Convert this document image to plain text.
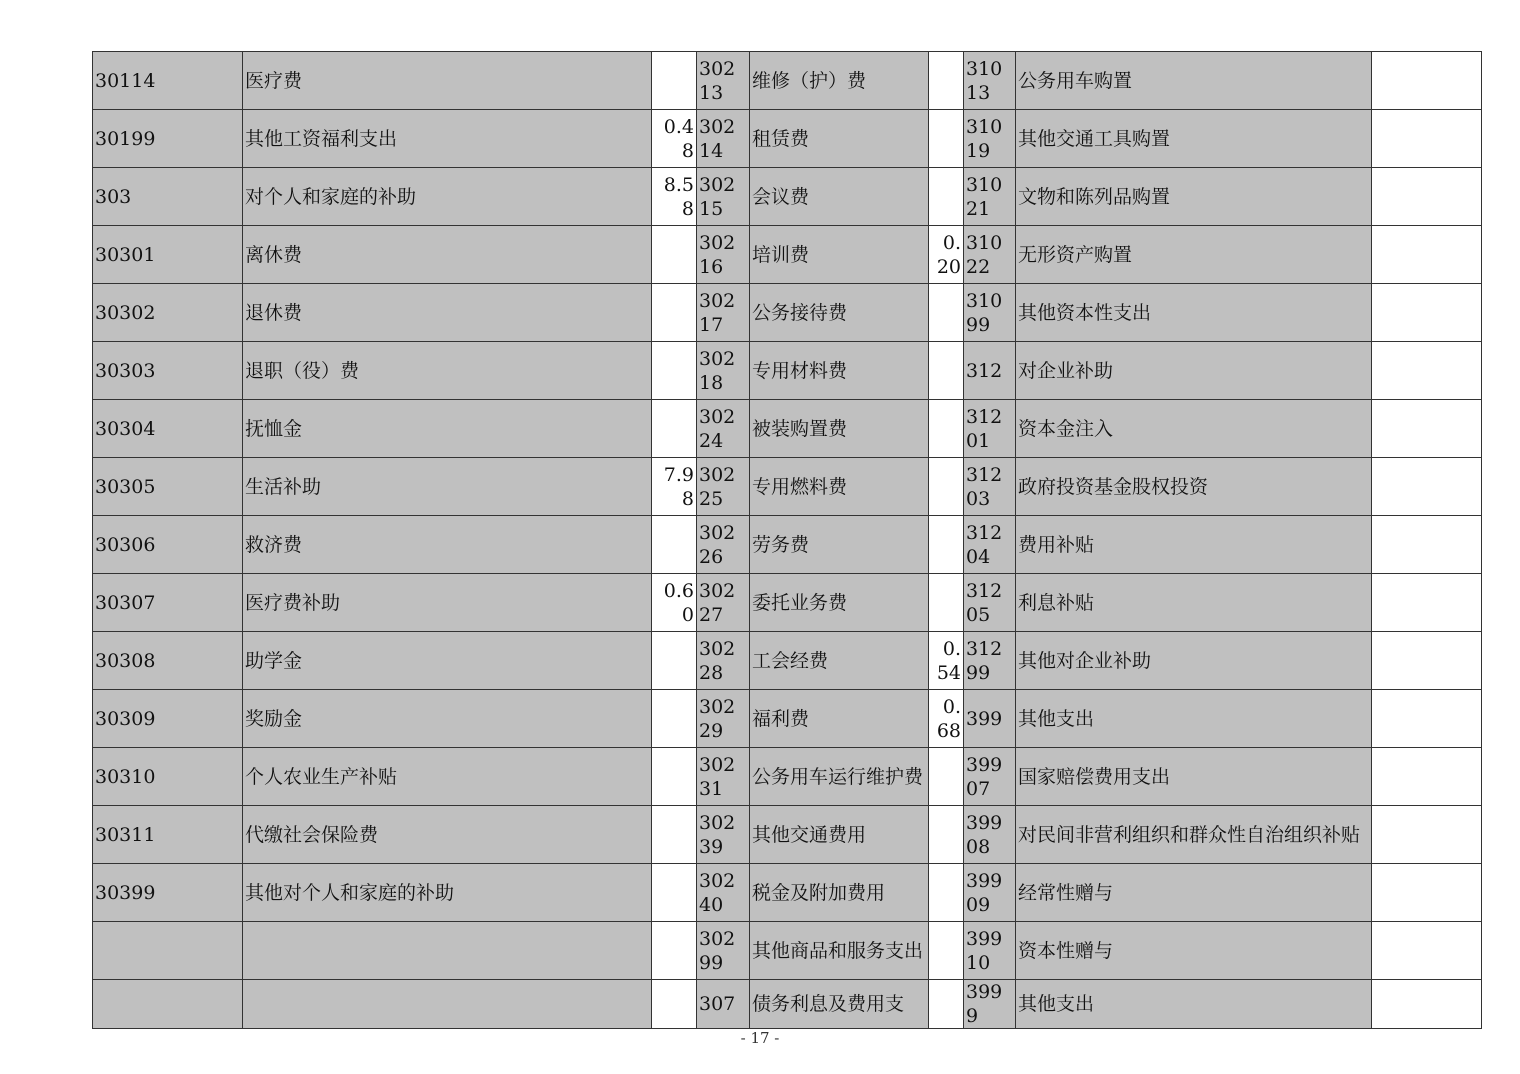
30114	医疗费		30213	维修（护）费		31013	公务用车购置	
30199	其他工资福利支出	0.48	30214	租赁费		31019	其他交通工具购置	
303	对个人和家庭的补助	8.58	30215	会议费		31021	文物和陈列品购置	
30301	离休费		30216	培训费	0.20	31022	无形资产购置	
30302	退休费		30217	公务接待费		31099	其他资本性支出	
30303	退职（役）费		30218	专用材料费		312	对企业补助	
30304	抚恤金		30224	被装购置费		31201	资本金注入	
30305	生活补助	7.98	30225	专用燃料费		31203	政府投资基金股权投资	
30306	救济费		30226	劳务费		31204	费用补贴	
30307	医疗费补助	0.60	30227	委托业务费		31205	利息补贴	
30308	助学金		30228	工会经费	0.54	31299	其他对企业补助	
30309	奖励金		30229	福利费	0.68	399	其他支出	
30310	个人农业生产补贴		30231	公务用车运行维护费		39907	国家赔偿费用支出	
30311	代缴社会保险费		30239	其他交通费用		39908	对民间非营利组织和群众性自治组织补贴	
30399	其他对个人和家庭的补助		30240	税金及附加费用		39909	经常性赠与	
			30299	其他商品和服务支出		39910	资本性赠与	
			307	债务利息及费用支		3999	其他支出	
- 17 -
